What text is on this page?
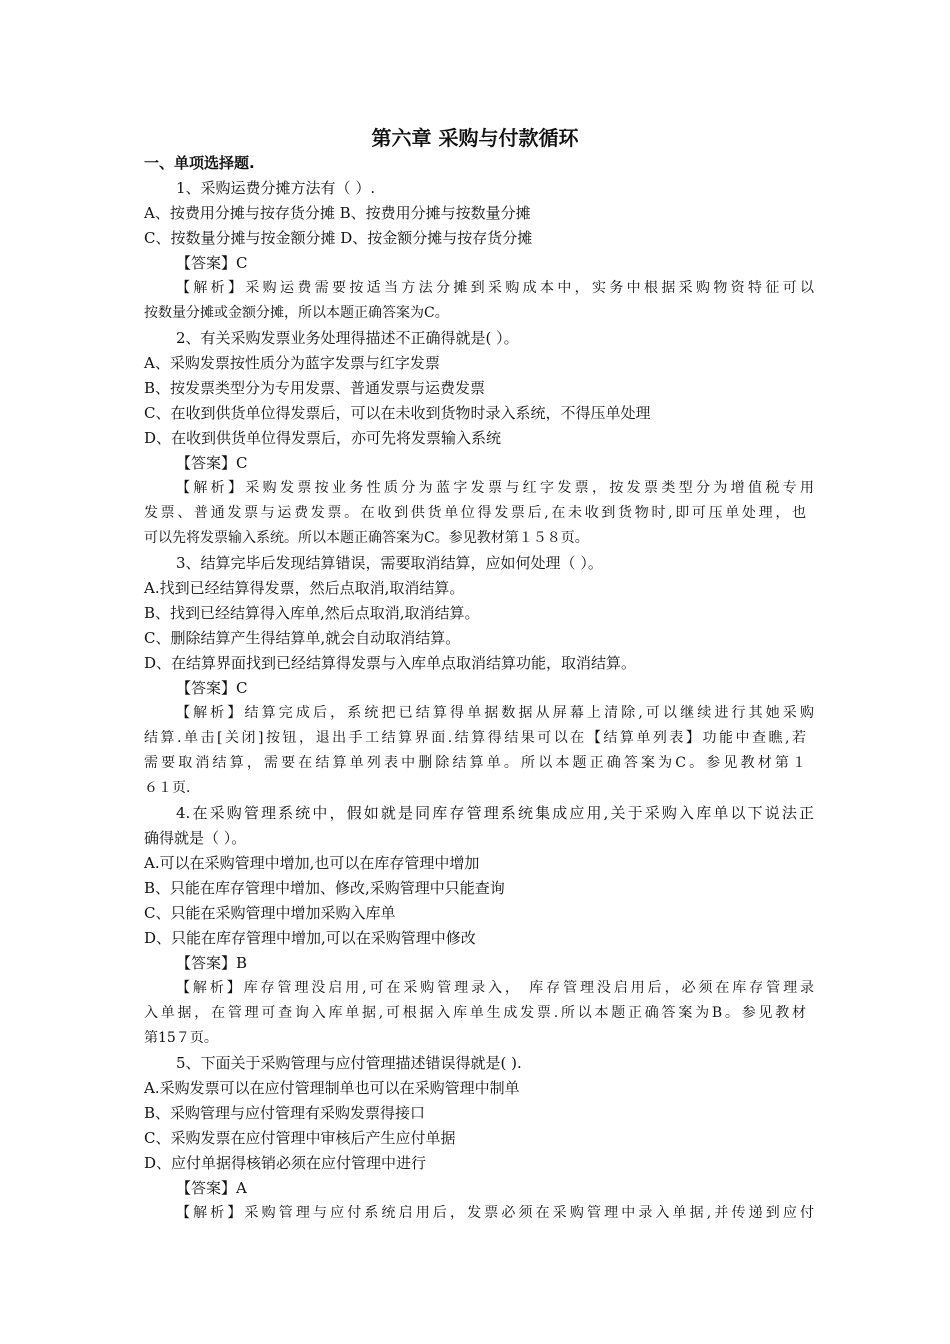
第六章 采购与付款循环
一、单项选择题.
1、采购运费分摊方法有（ ）.
A、按费用分摊与按存货分摊 B、按费用分摊与按数量分摊
C、按数量分摊与按金额分摊 D、按金额分摊与按存货分摊
【答案】C
【解析】采购运费需要按适当方法分摊到采购成本中，实务中根据采购物资特征可以
按数量分摊或金额分摊，所以本题正确答案为C。
2、有关采购发票业务处理得描述不正确得就是( ）。
A、采购发票按性质分为蓝字发票与红字发票
B、按发票类型分为专用发票、普通发票与运费发票
C、在收到供货单位得发票后，可以在未收到货物时录入系统，不得压单处理
D、在收到供货单位得发票后，亦可先将发票输入系统
【答案】C
【解析】采购发票按业务性质分为蓝字发票与红字发票，按发票类型分为增值税专用
发票、普通发票与运费发票。在收到供货单位得发票后,在未收到货物时,即可压单处理，也
可以先将发票输入系统。所以本题正确答案为C。参见教材第１５８页。
3、结算完毕后发现结算错误，需要取消结算，应如何处理（ ）。
A.找到已经结算得发票，然后点取消,取消结算。
B、找到已经结算得入库单,然后点取消,取消结算。
C、删除结算产生得结算单,就会自动取消结算。
D、在结算界面找到已经结算得发票与入库单点取消结算功能，取消结算。
【答案】C
【解析】结算完成后，系统把已结算得单据数据从屏幕上清除,可以继续进行其她采购
结算.单击[关闭]按钮，退出手工结算界面.结算得结果可以在【结算单列表】功能中查瞧,若
需要取消结算，需要在结算单列表中删除结算单。所以本题正确答案为C。参见教材第１
６１页.
4.在采购管理系统中，假如就是同库存管理系统集成应用,关于采购入库单以下说法正
确得就是（ ）。
A.可以在采购管理中增加,也可以在库存管理中增加
B、只能在库存管理中增加、修改,采购管理中只能查询
C、只能在采购管理中增加采购入库单
D、只能在库存管理中增加,可以在采购管理中修改
【答案】B
【解析】库存管理没启用,可在采购管理录入， 库存管理没启用后，必须在库存管理录
入单据，在管理可查询入库单据,可根据入库单生成发票.所以本题正确答案为B。参见教材
第15７页。
5、下面关于采购管理与应付管理描述错误得就是( ).
A.采购发票可以在应付管理制单也可以在采购管理中制单
B、采购管理与应付管理有采购发票得接口
C、采购发票在应付管理中审核后产生应付单据
D、应付单据得核销必须在应付管理中进行
【答案】A
【解析】采购管理与应付系统启用后，发票必须在采购管理中录入单据,并传递到应付
